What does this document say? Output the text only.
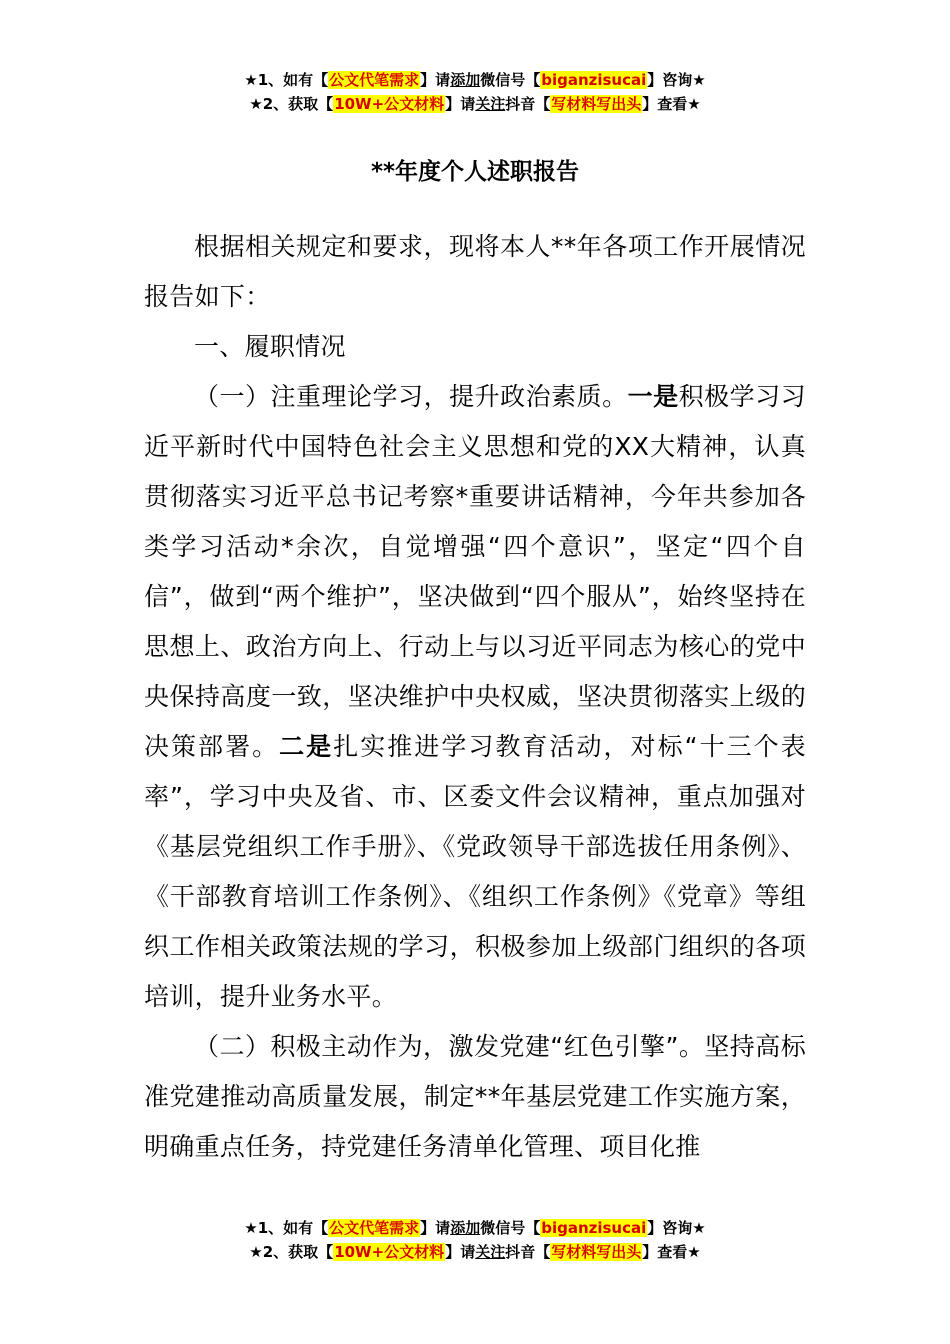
★1、如有【公文代笔需求】请添加微信号【biganzisucai】咨询★
★2、获取【10W+公文材料】请关注抖音【写材料写出头】查看★
**年度个人述职报告

根据相关规定和要求，现将本人**年各项工作开展情况报告如下：

一、履职情况

（一）注重理论学习，提升政治素质。一是积极学习习近平新时代中国特色社会主义思想和党的XX大精神，认真贯彻落实习近平总书记考察*重要讲话精神，今年共参加各类学习活动*余次，自觉增强“四个意识”，坚定“四个自信”，做到“两个维护”，坚决做到“四个服从”，始终坚持在思想上、政治方向上、行动上与以习近平同志为核心的党中央保持高度一致，坚决维护中央权威，坚决贯彻落实上级的决策部署。二是扎实推进学习教育活动，对标“十三个表率”，学习中央及省、市、区委文件会议精神，重点加强对《基层党组织工作手册》、《党政领导干部选拔任用条例》、《干部教育培训工作条例》、《组织工作条例》《党章》等组织工作相关政策法规的学习，积极参加上级部门组织的各项培训，提升业务水平。

（二）积极主动作为，激发党建“红色引擎”。坚持高标准党建推动高质量发展，制定**年基层党建工作实施方案，明确重点任务，持党建任务清单化管理、项目化推

★1、如有【公文代笔需求】请添加微信号【biganzisucai】咨询★
★2、获取【10W+公文材料】请关注抖音【写材料写出头】查看★
